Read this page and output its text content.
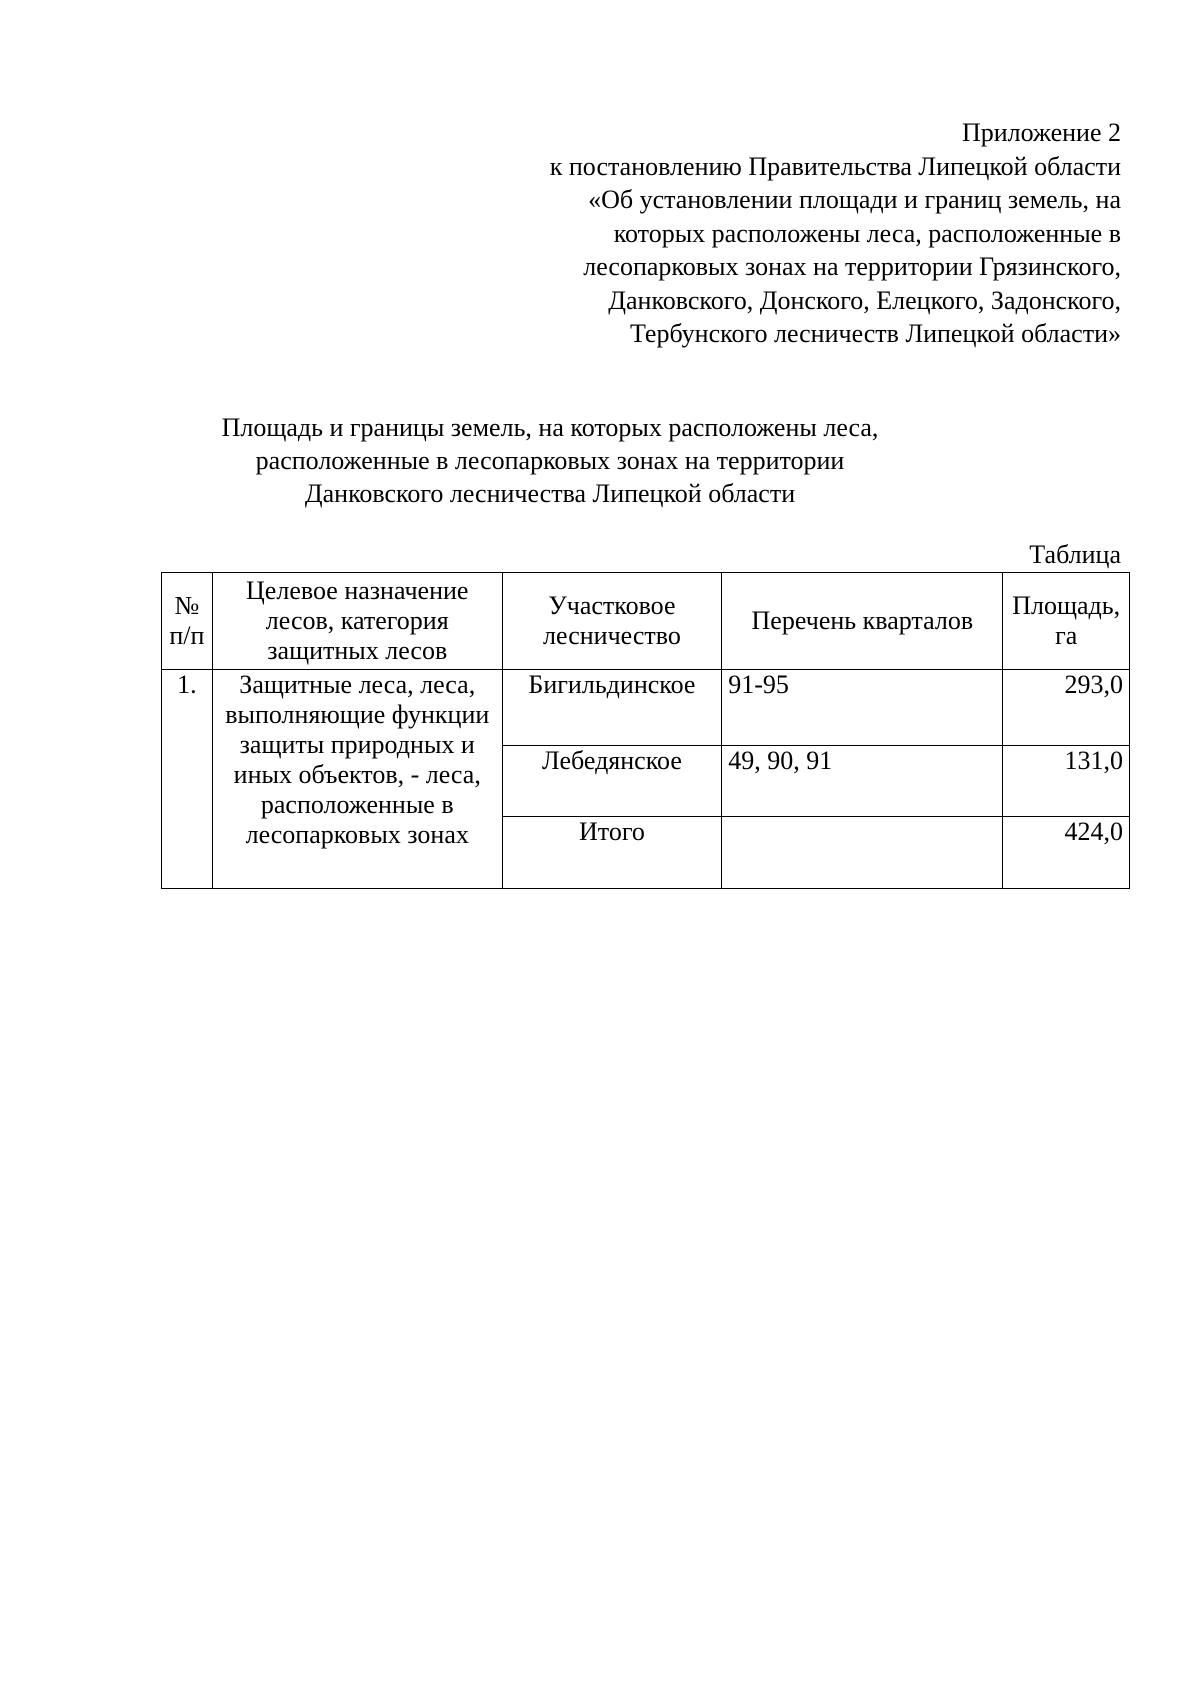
Приложение 2
к постановлению Правительства Липецкой области
«Об установлении площади и границ земель, на
которых расположены леса, расположенные в
лесопарковых зонах на территории Грязинского,
Данковского, Донского, Елецкого, Задонского,
Тербунского лесничеств Липецкой области»
Площадь и границы земель, на которых расположены леса,
расположенные в лесопарковых зонах на территории
Данковского лесничества Липецкой области
Таблица
№ п/п	Целевое назначение лесов, категория защитных лесов	Участковое лесничество	Перечень кварталов	Площадь, га
1.	Защитные леса, леса, выполняющие функции защиты природных и иных объектов, - леса, расположенные в лесопарковых зонах	Бигильдинское	91-95	293,0
		Лебедянское	49, 90, 91	131,0
		Итого		424,0
